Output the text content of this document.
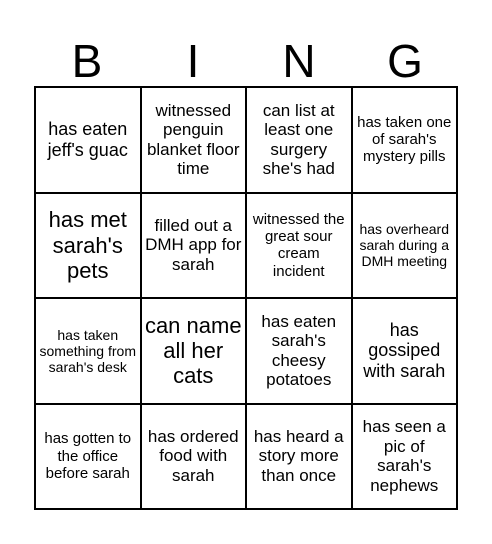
B	I	N	G
has eaten jeff's guac
witnessed penguin blanket floor time
can list at least one surgery she's had
has taken one of sarah's mystery pills
has met sarah's pets
filled out a DMH app for sarah
witnessed the great sour cream incident
has overheard sarah during a DMH meeting
has taken something from sarah's desk
can name all her cats
has eaten sarah's cheesy potatoes
has gossiped with sarah
has gotten to the office before sarah
has ordered food with sarah
has heard a story more than once
has seen a pic of sarah's nephews
